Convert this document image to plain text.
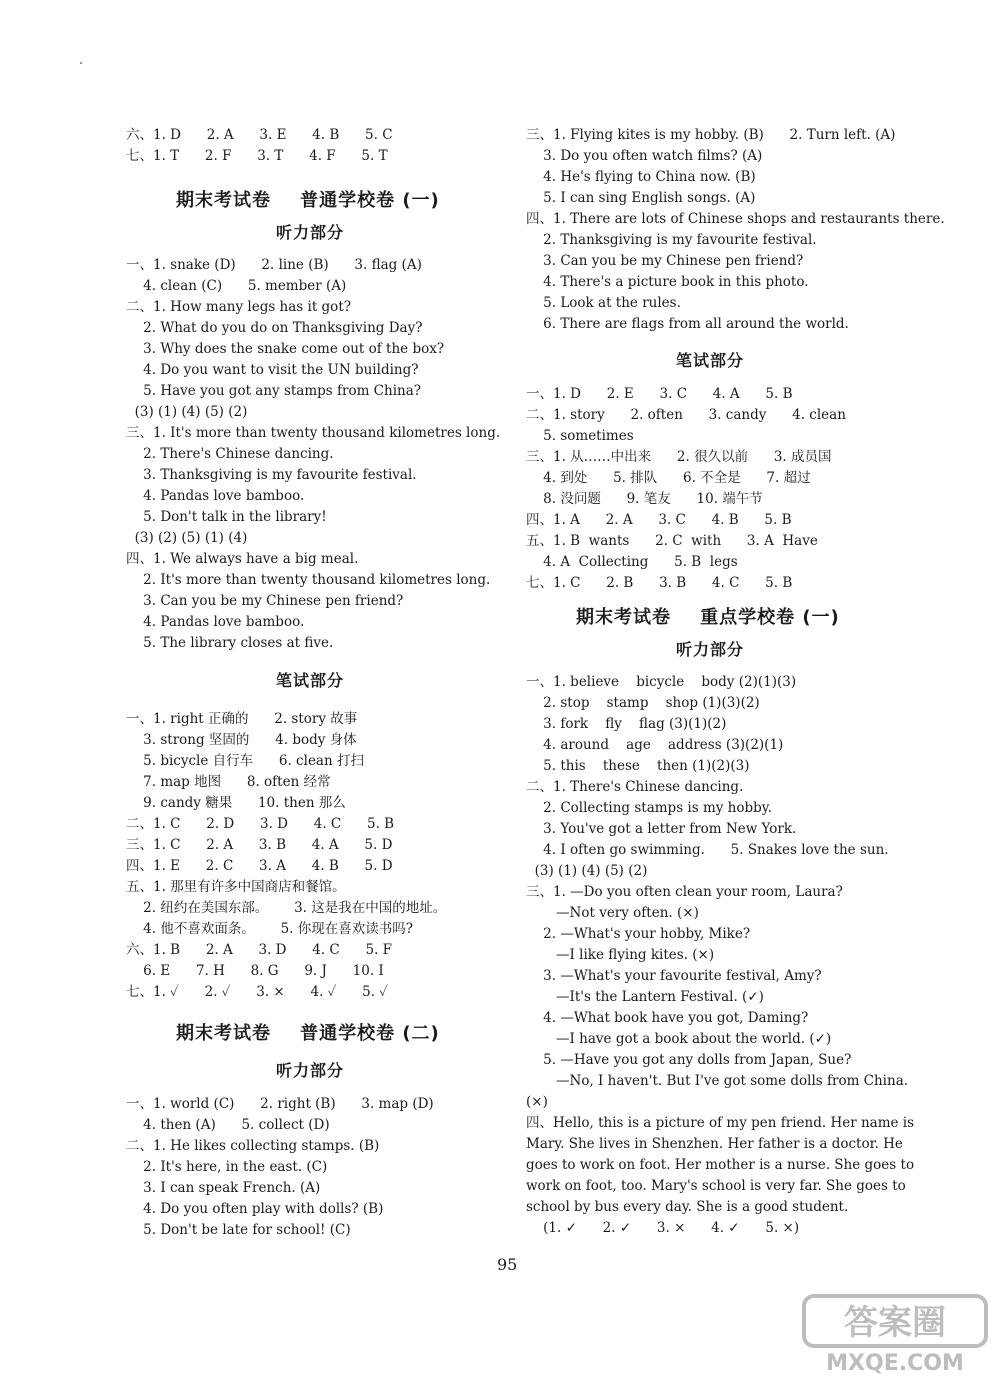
六、1. D      2. A      3. E      4. B      5. C
七、1. T      2. F      3. T      4. F      5. T
期末考试卷    普通学校卷 (一)
听力部分
一、1. snake (D)      2. line (B)      3. flag (A)
4. clean (C)      5. member (A)
二、1. How many legs has it got?
2. What do you do on Thanksgiving Day?
3. Why does the snake come out of the box?
4. Do you want to visit the UN building?
5. Have you got any stamps from China?
(3) (1) (4) (5) (2)
三、1. It's more than twenty thousand kilometres long.
2. There's Chinese dancing.
3. Thanksgiving is my favourite festival.
4. Pandas love bamboo.
5. Don't talk in the library!
(3) (2) (5) (1) (4)
四、1. We always have a big meal.
2. It's more than twenty thousand kilometres long.
3. Can you be my Chinese pen friend?
4. Pandas love bamboo.
5. The library closes at five.
笔试部分
一、1. right 正确的      2. story 故事
3. strong 坚固的      4. body 身体
5. bicycle 自行车      6. clean 打扫
7. map 地图      8. often 经常
9. candy 糖果      10. then 那么
二、1. C      2. D      3. D      4. C      5. B
三、1. C      2. A      3. B      4. A      5. D
四、1. E      2. C      3. A      4. B      5. D
五、1. 那里有许多中国商店和餐馆。
2. 纽约在美国东部。      3. 这是我在中国的地址。
4. 他不喜欢面条。      5. 你现在喜欢读书吗?
六、1. B      2. A      3. D      4. C      5. F
6. E      7. H      8. G      9. J      10. I
七、1. ✓      2. ✓      3. ×      4. ✓      5. ✓
期末考试卷    普通学校卷 (二)
听力部分
一、1. world (C)      2. right (B)      3. map (D)
4. then (A)      5. collect (D)
二、1. He likes collecting stamps. (B)
2. It's here, in the east. (C)
3. I can speak French. (A)
4. Do you often play with dolls? (B)
5. Don't be late for school! (C)
三、1. Flying kites is my hobby. (B)      2. Turn left. (A)
3. Do you often watch films? (A)
4. He's flying to China now. (B)
5. I can sing English songs. (A)
四、1. There are lots of Chinese shops and restaurants there.
2. Thanksgiving is my favourite festival.
3. Can you be my Chinese pen friend?
4. There's a picture book in this photo.
5. Look at the rules.
6. There are flags from all around the world.
笔试部分
一、1. D      2. E      3. C      4. A      5. B
二、1. story      2. often      3. candy      4. clean
5. sometimes
三、1. 从……中出来      2. 很久以前      3. 成员国
4. 到处      5. 排队      6. 不全是      7. 超过
8. 没问题      9. 笔友      10. 端午节
四、1. A      2. A      3. C      4. B      5. B
五、1. B  wants      2. C  with      3. A  Have
4. A  Collecting      5. B  legs
七、1. C      2. B      3. B      4. C      5. B
期末考试卷    重点学校卷 (一)
听力部分
一、1. believe    bicycle    body (2)(1)(3)
2. stop    stamp    shop (1)(3)(2)
3. fork    fly    flag (3)(1)(2)
4. around    age    address (3)(2)(1)
5. this    these    then (1)(2)(3)
二、1. There's Chinese dancing.
2. Collecting stamps is my hobby.
3. You've got a letter from New York.
4. I often go swimming.      5. Snakes love the sun.
(3) (1) (4) (5) (2)
三、1. —Do you often clean your room, Laura?
—Not very often. (×)
2. —What's your hobby, Mike?
—I like flying kites. (×)
3. —What's your favourite festival, Amy?
—It's the Lantern Festival. (✓)
4. —What book have you got, Daming?
—I have got a book about the world. (✓)
5. —Have you got any dolls from Japan, Sue?
—No, I haven't. But I've got some dolls from China.
(×)
四、Hello, this is a picture of my pen friend. Her name is
Mary. She lives in Shenzhen. Her father is a doctor. He
goes to work on foot. Her mother is a nurse. She goes to
work on foot, too. Mary's school is very far. She goes to
school by bus every day. She is a good student.
(1. ✓      2. ✓      3. ×      4. ✓      5. ×)
95
答案圈
MXQE.COM
